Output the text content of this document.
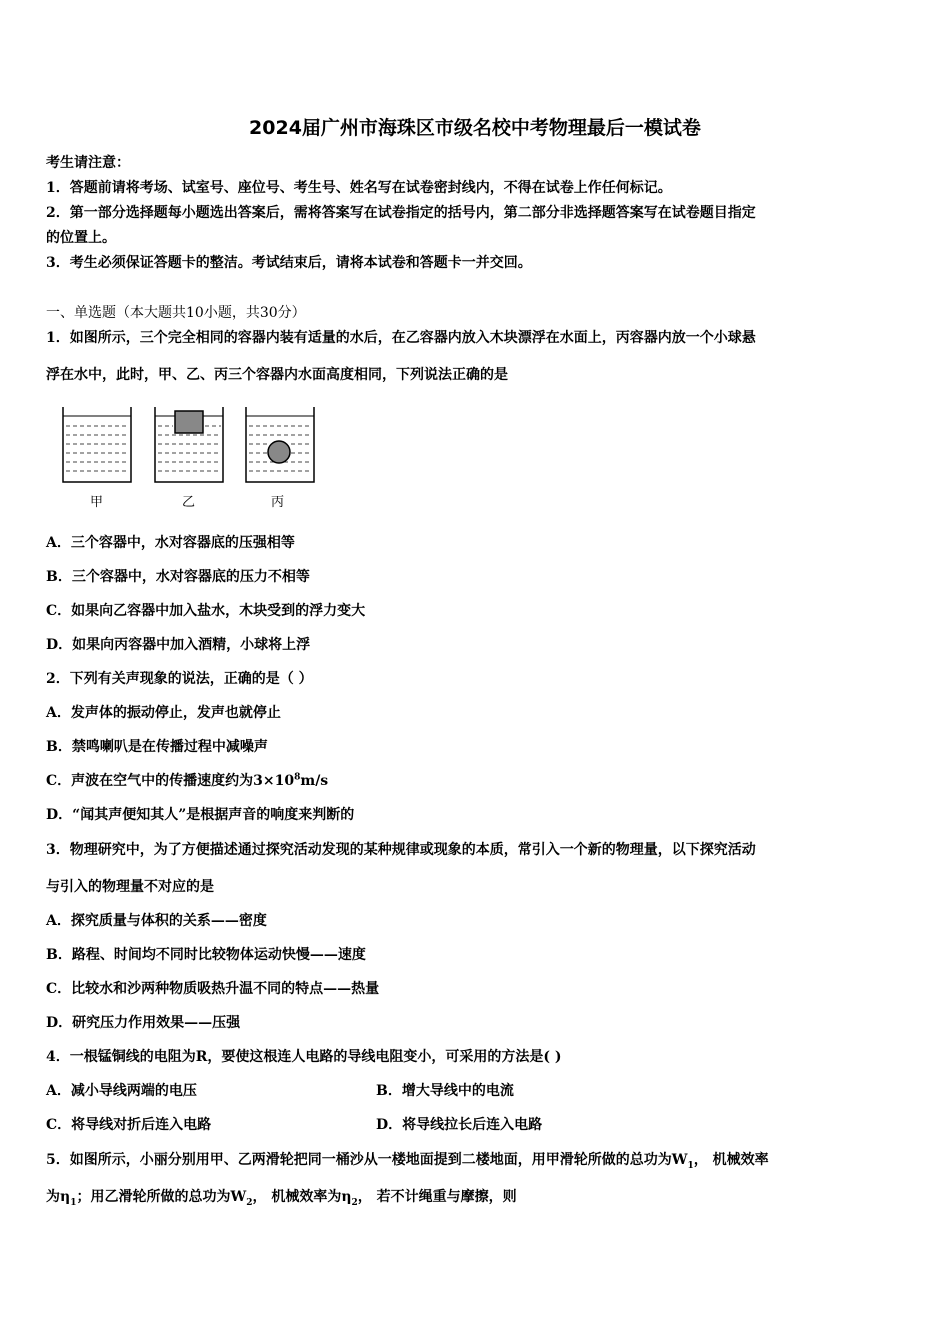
2024届广州市海珠区市级名校中考物理最后一模试卷
考生请注意：
1．答题前请将考场、试室号、座位号、考生号、姓名写在试卷密封线内，不得在试卷上作任何标记。
2．第一部分选择题每小题选出答案后，需将答案写在试卷指定的括号内，第二部分非选择题答案写在试卷题目指定
的位置上。
3．考生必须保证答题卡的整洁。考试结束后，请将本试卷和答题卡一并交回。
一、单选题（本大题共10小题，共30分）
1．如图所示，三个完全相同的容器内装有适量的水后，在乙容器内放入木块漂浮在水面上，丙容器内放一个小球悬
浮在水中，此时，甲、乙、丙三个容器内水面高度相同，下列说法正确的是
甲	乙	丙
A．三个容器中，水对容器底的压强相等
B．三个容器中，水对容器底的压力不相等
C．如果向乙容器中加入盐水，木块受到的浮力变大
D．如果向丙容器中加入酒精，小球将上浮
2．下列有关声现象的说法，正确的是（ ）
A．发声体的振动停止，发声也就停止
B．禁鸣喇叭是在传播过程中减噪声
C．声波在空气中的传播速度约为$3\times 10^8m/s$
D．“闻其声便知其人”是根据声音的响度来判断的
3．物理研究中，为了方便描述通过探究活动发现的某种规律或现象的本质，常引入一个新的物理量，以下探究活动
与引入的物理量不对应的是
A．探究质量与体积的关系——密度
B．路程、时间均不同时比较物体运动快慢——速度
C．比较水和沙两种物质吸热升温不同的特点——热量
D．研究压力作用效果——压强
4．一根锰铜线的电阻为R，要使这根连人电路的导线电阻变小，可采用的方法是( )
A．减小导线两端的电压	B．增大导线中的电流
C．将导线对折后连入电路	D．将导线拉长后连入电路
5．如图所示，小丽分别用甲、乙两滑轮把同一桶沙从一楼地面提到二楼地面，用甲滑轮所做的总功为$W_1$， 机械效率
为$\eta_1$；用乙滑轮所做的总功为$W_2$， 机械效率为$\eta_2$， 若不计绳重与摩擦，则
